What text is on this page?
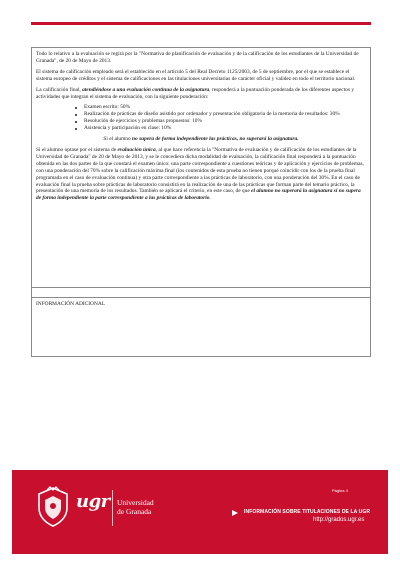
Todo lo relativo a la evaluación se regirá por la "Normativa de planificación de evaluación y de la calificación de los estudiantes de la Universidad de Granada", de 20 de Mayo de 2013.

El sistema de calificación empleado será el establecido en el artículo 5 del Real Decreto 1125/2003, de 5 de septiembre, por el que se establece el sistema europeo de créditos y el sistema de calificaciones en las titulaciones universitarias de carácter oficial y validez en todo el territorio nacional.

La calificación final, atendiéndose a una evaluación continua de la asignatura, responderá a la puntuación ponderada de los diferentes aspectos y actividades que integran el sistema de evaluación, con la siguiente ponderación:

Examen escrito: 50%
Realización de prácticas de diseño asistido por ordenador y presentación obligatoria de la memoria de resultados: 30%
Resolución de ejercicios y problemas propuestos: 10%
Asistencia y participación en clase: 10%

Si el alumno no supera de forma independiente las prácticas, no superará la asignatura.

Si el alumno optase por el sistema de evaluación única, al que hace referencia la "Normativa de evaluación y de calificación de los estudiantes de la Universidad de Granada" de 20 de Mayo de 2013, y se le concediera dicha modalidad de evaluación, la calificación final responderá a la puntuación obtenida en las dos partes de la que constará el examen único: una parte correspondiente a cuestiones teóricas y de aplicación y ejercicios de problemas, con una ponderación del 70% sobre la calificación máxima final (los contenidos de esta prueba no tienen porqué coincidir con los de la prueba final programada en el caso de evaluación continua) y otra parte correspondiente a las prácticas de laboratorio, con una ponderación del 30%. En el caso de evaluación final la prueba sobre prácticas de laboratorio consistirá en la realización de una de las prácticas que forman parte del temario práctico, la presentación de una memoria de los resultados. También se aplicará el criterio, en este caso, de que el alumno no superará la asignatura si no supera de forma independiente la parte correspondiente a las prácticas de laboratorio.

INFORMACIÓN ADICIONAL
Página 4
ugr Universidad
de Granada	INFORMACIÓN SOBRE TITULACIONES DE LA UGR
http://grados.ugr.es
